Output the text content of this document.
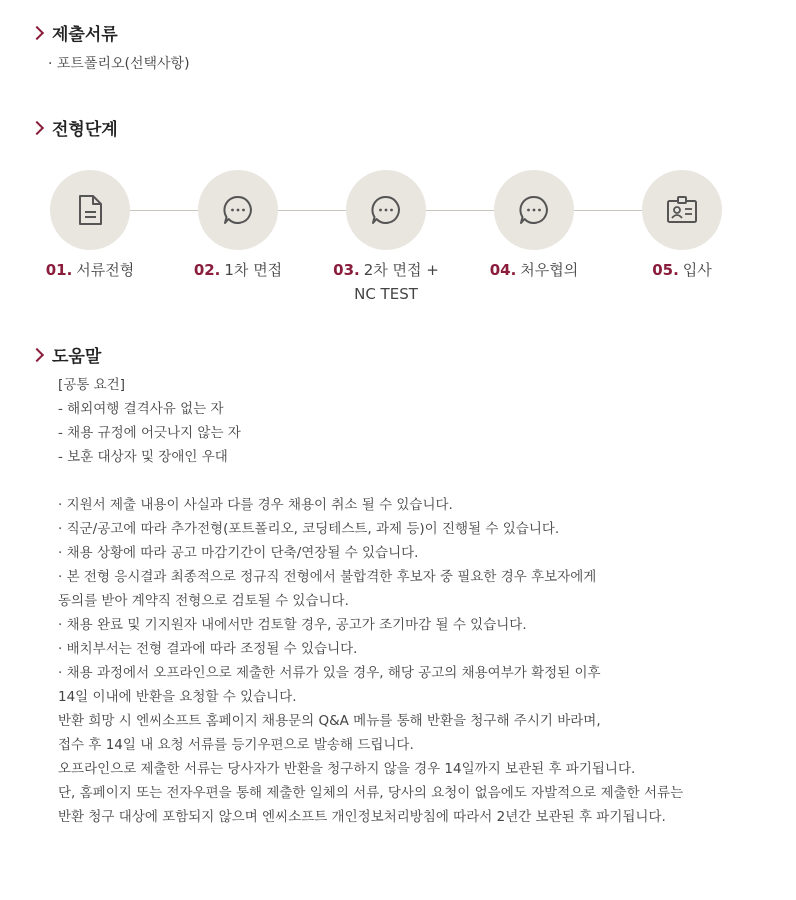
제출서류
· 포트폴리오(선택사항)
전형단계
01. 서류전형	02. 1차 면접	03. 2차 면접 +
NC TEST
04. 처우협의	05. 입사
도움말
[공통 요건]
- 해외여행 결격사유 없는 자
- 채용 규정에 어긋나지 않는 자
- 보훈 대상자 및 장애인 우대
· 지원서 제출 내용이 사실과 다를 경우 채용이 취소 될 수 있습니다.
· 직군/공고에 따라 추가전형(포트폴리오, 코딩테스트, 과제 등)이 진행될 수 있습니다.
· 채용 상황에 따라 공고 마감기간이 단축/연장될 수 있습니다.
· 본 전형 응시결과 최종적으로 정규직 전형에서 불합격한 후보자 중 필요한 경우 후보자에게
동의를 받아 계약직 전형으로 검토될 수 있습니다.
· 채용 완료 및 기지원자 내에서만 검토할 경우, 공고가 조기마감 될 수 있습니다.
· 배치부서는 전형 결과에 따라 조정될 수 있습니다.
· 채용 과정에서 오프라인으로 제출한 서류가 있을 경우, 해당 공고의 채용여부가 확정된 이후
14일 이내에 반환을 요청할 수 있습니다.
반환 희망 시 엔씨소프트 홈페이지 채용문의 Q&A 메뉴를 통해 반환을 청구해 주시기 바라며,
접수 후 14일 내 요청 서류를 등기우편으로 발송해 드립니다.
오프라인으로 제출한 서류는 당사자가 반환을 청구하지 않을 경우 14일까지 보관된 후 파기됩니다.
단, 홈페이지 또는 전자우편을 통해 제출한 일체의 서류, 당사의 요청이 없음에도 자발적으로 제출한 서류는
반환 청구 대상에 포함되지 않으며 엔씨소프트 개인정보처리방침에 따라서 2년간 보관된 후 파기됩니다.
